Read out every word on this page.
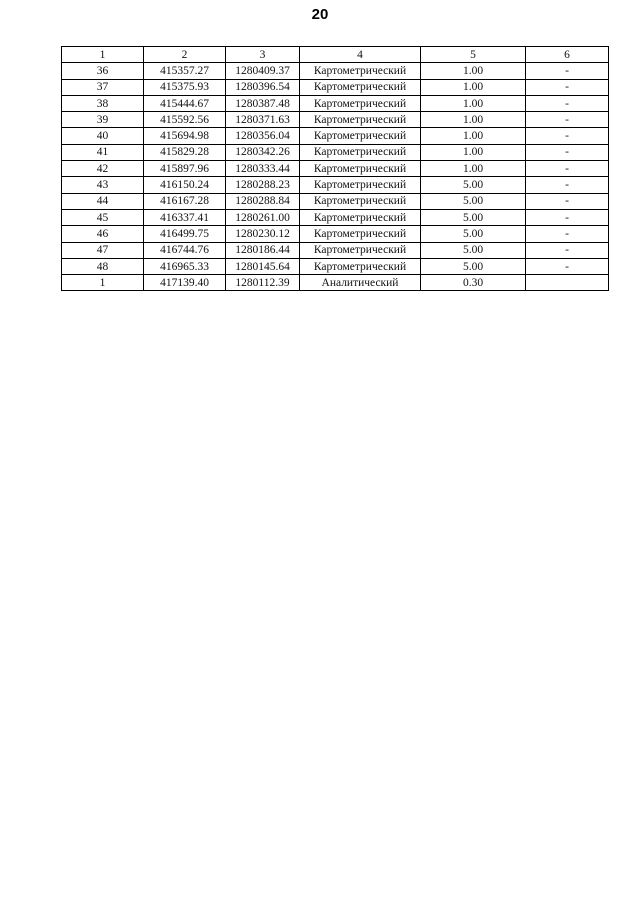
20
1	2	3	4	5	6
36	415357.27	1280409.37	Картометрический	1.00	-
37	415375.93	1280396.54	Картометрический	1.00	-
38	415444.67	1280387.48	Картометрический	1.00	-
39	415592.56	1280371.63	Картометрический	1.00	-
40	415694.98	1280356.04	Картометрический	1.00	-
41	415829.28	1280342.26	Картометрический	1.00	-
42	415897.96	1280333.44	Картометрический	1.00	-
43	416150.24	1280288.23	Картометрический	5.00	-
44	416167.28	1280288.84	Картометрический	5.00	-
45	416337.41	1280261.00	Картометрический	5.00	-
46	416499.75	1280230.12	Картометрический	5.00	-
47	416744.76	1280186.44	Картометрический	5.00	-
48	416965.33	1280145.64	Картометрический	5.00	-
1	417139.40	1280112.39	Аналитический	0.30	
